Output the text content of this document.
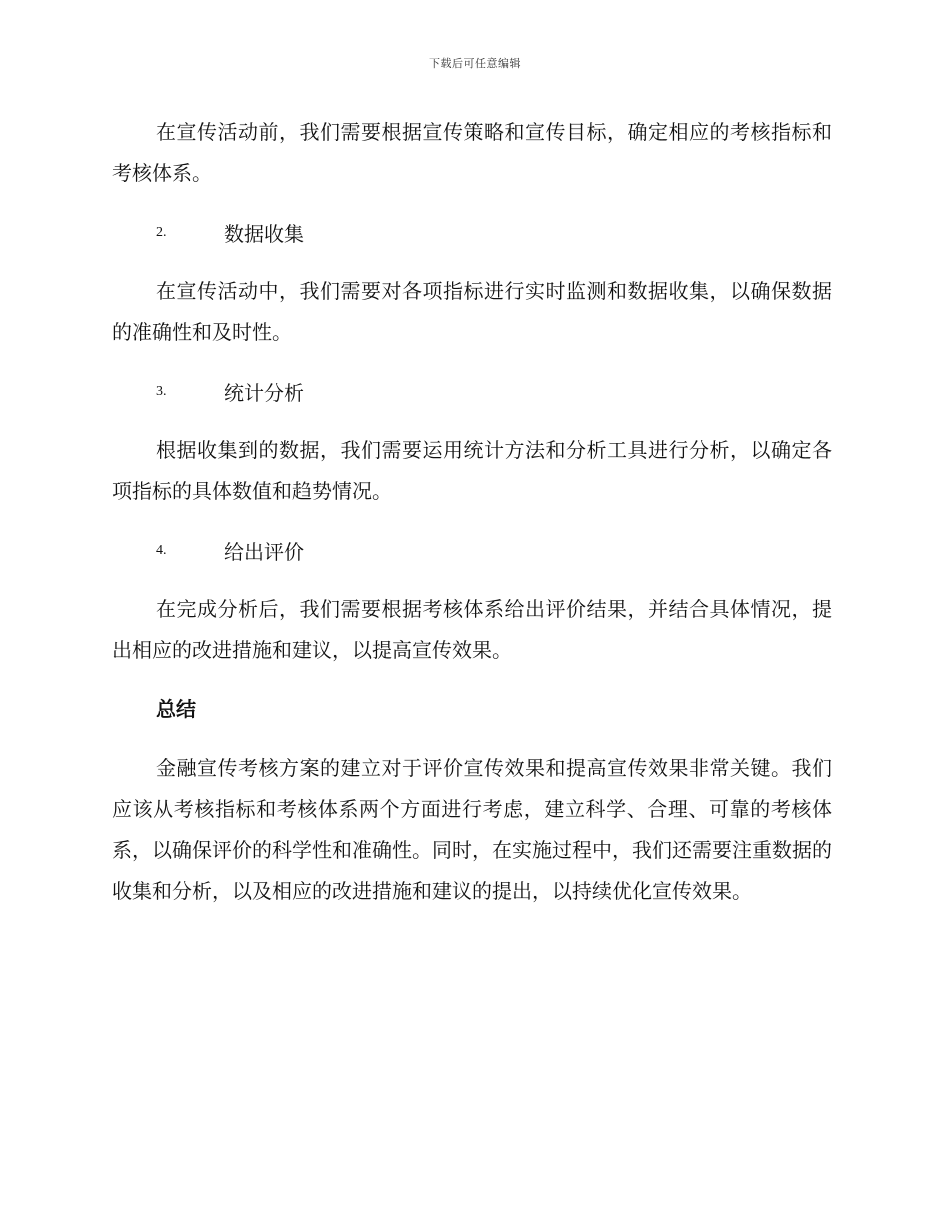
下载后可任意编辑

在宣传活动前，我们需要根据宣传策略和宣传目标，确定相应的考核指标和考核体系。

2.	数据收集

在宣传活动中，我们需要对各项指标进行实时监测和数据收集，以确保数据的准确性和及时性。

3.	统计分析

根据收集到的数据，我们需要运用统计方法和分析工具进行分析，以确定各项指标的具体数值和趋势情况。

4.	给出评价

在完成分析后，我们需要根据考核体系给出评价结果，并结合具体情况，提出相应的改进措施和建议，以提高宣传效果。

总结

金融宣传考核方案的建立对于评价宣传效果和提高宣传效果非常关键。我们应该从考核指标和考核体系两个方面进行考虑，建立科学、合理、可靠的考核体系，以确保评价的科学性和准确性。同时，在实施过程中，我们还需要注重数据的收集和分析，以及相应的改进措施和建议的提出，以持续优化宣传效果。
